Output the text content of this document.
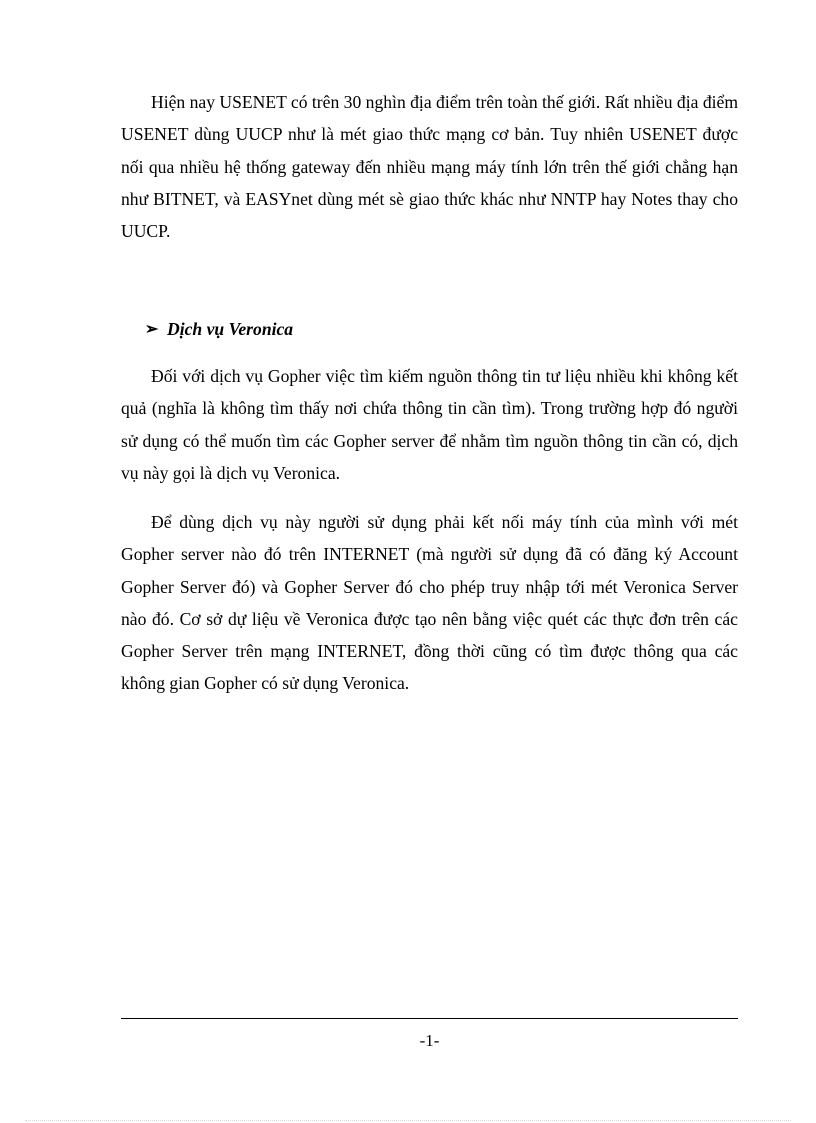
Hiện nay USENET có trên 30 nghìn địa điểm trên toàn thế giới. Rất nhiều địa điểm USENET dùng UUCP như là mét giao thức mạng cơ bản. Tuy nhiên USENET được nối qua nhiều hệ thống gateway đến nhiều mạng máy tính lớn trên thế giới chẳng hạn như BITNET, và EASYnet dùng mét sè giao thức khác như NNTP hay Notes thay cho UUCP.

➢ Dịch vụ Veronica

Đối với dịch vụ Gopher việc tìm kiếm nguồn thông tin tư liệu nhiều khi không kết quả (nghĩa là không tìm thấy nơi chứa thông tin cần tìm). Trong trường hợp đó người sử dụng có thể muốn tìm các Gopher server để nhằm tìm nguồn thông tin cần có, dịch vụ này gọi là dịch vụ Veronica.

Để dùng dịch vụ này người sử dụng phải kết nối máy tính của mình với mét Gopher server nào đó trên INTERNET (mà người sử dụng đã có đăng ký Account Gopher Server đó) và Gopher Server đó cho phép truy nhập tới mét Veronica Server nào đó. Cơ sở dự liệu về Veronica được tạo nên bằng việc quét các thực đơn trên các Gopher Server trên mạng INTERNET, đồng thời cũng có tìm được thông qua các không gian Gopher có sử dụng Veronica.

-1-
